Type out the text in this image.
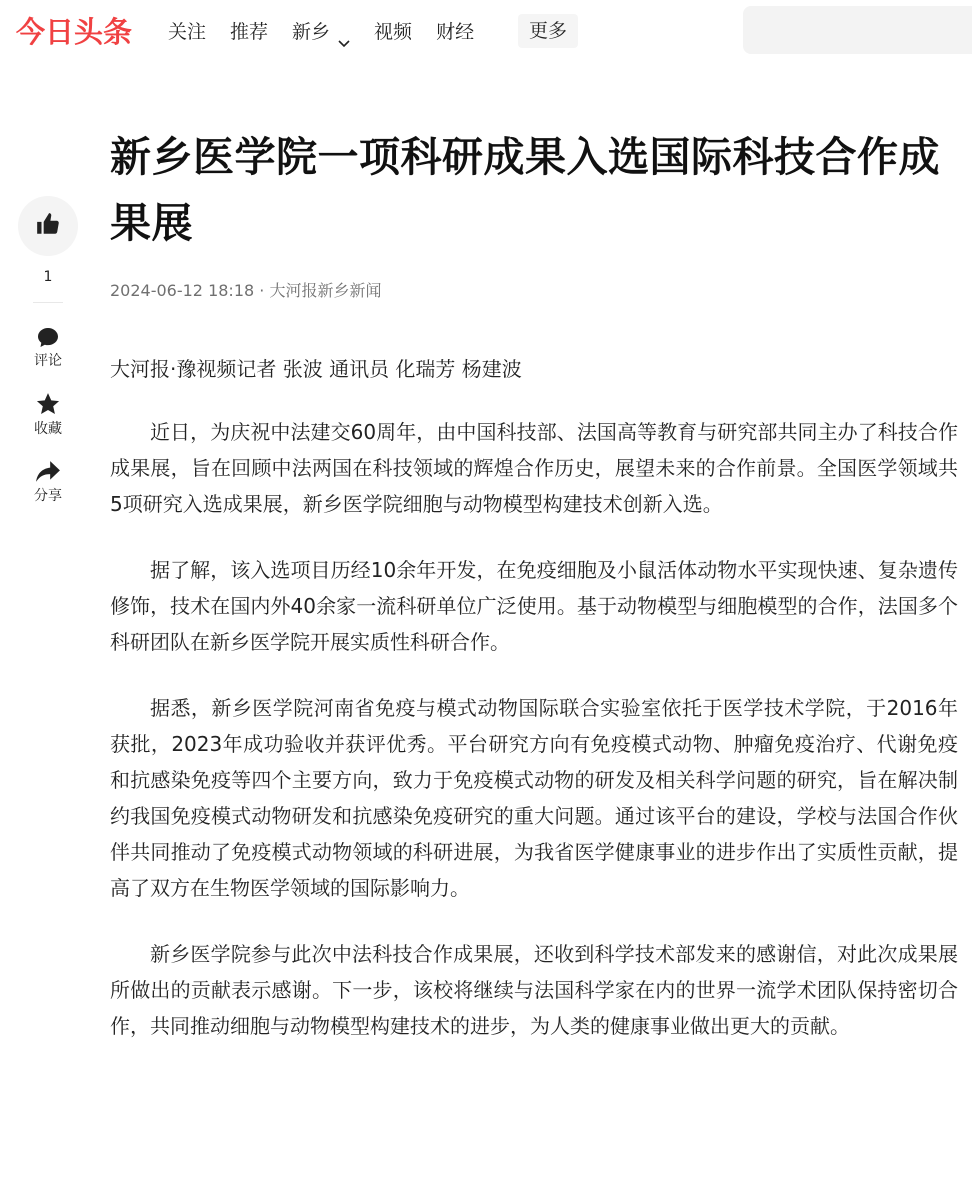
今日头条 关注 推荐 新乡 视频 财经	更多
1
评论
收藏
分享
新乡医学院一项科研成果入选国际科技合作成果展
2024-06-12 18:18 · 大河报新乡新闻
大河报·豫视频记者 张波 通讯员 化瑞芳 杨建波

近日，为庆祝中法建交60周年，由中国科技部、法国高等教育与研究部共同主办了科技合作成果展，旨在回顾中法两国在科技领域的辉煌合作历史，展望未来的合作前景。全国医学领域共5项研究入选成果展，新乡医学院细胞与动物模型构建技术创新入选。

据了解，该入选项目历经10余年开发，在免疫细胞及小鼠活体动物水平实现快速、复杂遗传修饰，技术在国内外40余家一流科研单位广泛使用。基于动物模型与细胞模型的合作，法国多个科研团队在新乡医学院开展实质性科研合作。

据悉，新乡医学院河南省免疫与模式动物国际联合实验室依托于医学技术学院，于2016年获批，2023年成功验收并获评优秀。平台研究方向有免疫模式动物、肿瘤免疫治疗、代谢免疫和抗感染免疫等四个主要方向，致力于免疫模式动物的研发及相关科学问题的研究，旨在解决制约我国免疫模式动物研发和抗感染免疫研究的重大问题。通过该平台的建设，学校与法国合作伙伴共同推动了免疫模式动物领域的科研进展，为我省医学健康事业的进步作出了实质性贡献，提高了双方在生物医学领域的国际影响力。

新乡医学院参与此次中法科技合作成果展，还收到科学技术部发来的感谢信，对此次成果展所做出的贡献表示感谢。下一步，该校将继续与法国科学家在内的世界一流学术团队保持密切合作，共同推动细胞与动物模型构建技术的进步，为人类的健康事业做出更大的贡献。
